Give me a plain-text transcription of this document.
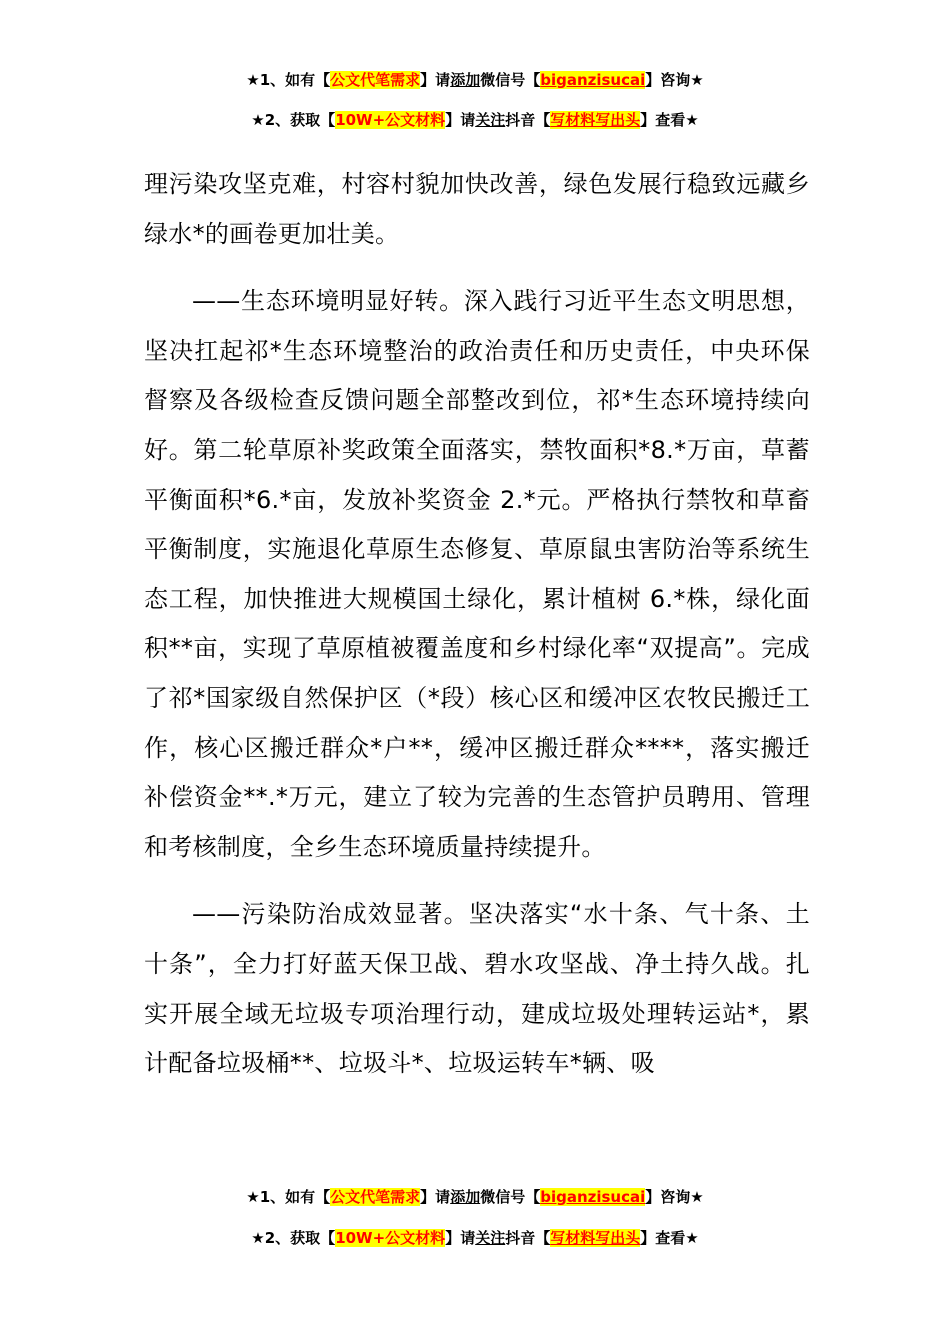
★1、如有【公文代笔需求】请添加微信号【biganzisucai】咨询★
★2、获取【10W+公文材料】请关注抖音【写材料写出头】查看★

理污染攻坚克难，村容村貌加快改善，绿色发展行稳致远藏乡绿水*的画卷更加壮美。

——生态环境明显好转。深入践行习近平生态文明思想，坚决扛起祁*生态环境整治的政治责任和历史责任，中央环保督察及各级检查反馈问题全部整改到位，祁*生态环境持续向好。第二轮草原补奖政策全面落实，禁牧面积*8.*万亩，草蓄平衡面积*6.*亩，发放补奖资金 2.*元。严格执行禁牧和草畜平衡制度，实施退化草原生态修复、草原鼠虫害防治等系统生态工程，加快推进大规模国土绿化，累计植树 6.*株，绿化面积**亩，实现了草原植被覆盖度和乡村绿化率“双提高”。完成了祁*国家级自然保护区（*段）核心区和缓冲区农牧民搬迁工作，核心区搬迁群众*户**，缓冲区搬迁群众****，落实搬迁补偿资金**.*万元，建立了较为完善的生态管护员聘用、管理和考核制度，全乡生态环境质量持续提升。

——污染防治成效显著。坚决落实“水十条、气十条、土十条”，全力打好蓝天保卫战、碧水攻坚战、净土持久战。扎实开展全域无垃圾专项治理行动，建成垃圾处理转运站*，累计配备垃圾桶**、垃圾斗*、垃圾运转车*辆、吸

★1、如有【公文代笔需求】请添加微信号【biganzisucai】咨询★
★2、获取【10W+公文材料】请关注抖音【写材料写出头】查看★
